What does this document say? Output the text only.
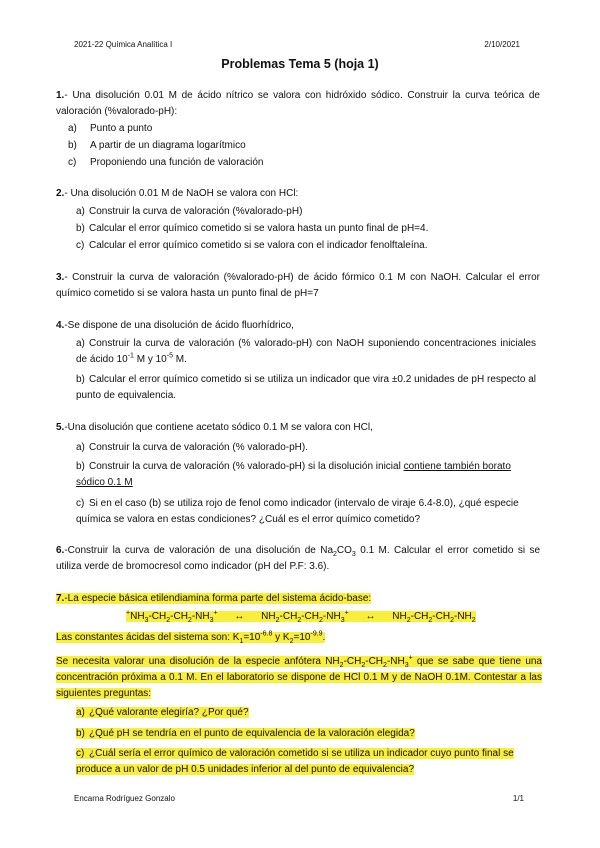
2021-22 Química Analítica I	2/10/2021
Problemas Tema 5 (hoja 1)
1.- Una disolución 0.01 M de ácido nítrico se valora con hidróxido sódico. Construir la curva teórica de valoración (%valorado-pH):
a) Punto a punto
b) A partir de un diagrama logarítmico
c) Proponiendo una función de valoración
2.- Una disolución 0.01 M de NaOH se valora con HCl:
a) Construir la curva de valoración (%valorado-pH)
b) Calcular el error químico cometido si se valora hasta un punto final de pH=4.
c) Calcular el error químico cometido si se valora con el indicador fenolftaleína.
3.- Construir la curva de valoración (%valorado-pH) de ácido fórmico 0.1 M con NaOH. Calcular el error químico cometido si se valora hasta un punto final de pH=7
4.-Se dispone de una disolución de ácido fluorhídrico,
a) Construir la curva de valoración (% valorado-pH) con NaOH suponiendo concentraciones iniciales de ácido $10^{-1}$ M y $10^{-5}$ M.
b) Calcular el error químico cometido si se utiliza un indicador que vira ±0.2 unidades de pH respecto al punto de equivalencia.
5.-Una disolución que contiene acetato sódico 0.1 M se valora con HCl,
a) Construir la curva de valoración (% valorado-pH).
b) Construir la curva de valoración (% valorado-pH) si la disolución inicial contiene también borato sódico 0.1 M
c) Si en el caso (b) se utiliza rojo de fenol como indicador (intervalo de viraje 6.4-8.0), ¿qué especie química se valora en estas condiciones? ¿Cuál es el error químico cometido?
6.-Construir la curva de valoración de una disolución de $Na_2CO_3$ 0.1 M. Calcular el error cometido si se utiliza verde de bromocresol como indicador (pH del P.F: 3.6).
7.-La especie básica etilendiamina forma parte del sistema ácido-base:
$^+NH_3-CH_2-CH_2-NH_3^+$ ↔ $NH_2-CH_2-CH_2-NH_3^+$ ↔ $NH_2-CH_2-CH_2-NH_2$
Las constantes ácidas del sistema son: $K_1=10^{-6.8}$ y $K_2=10^{-9.9}$.
Se necesita valorar una disolución de la especie anfótera $NH_2-CH_2-CH_2-NH_3^+$ que se sabe que tiene una concentración próxima a 0.1 M. En el laboratorio se dispone de HCl 0.1 M y de NaOH 0.1M. Contestar a las siguientes preguntas:
a) ¿Qué valorante elegiría? ¿Por qué?
b) ¿Qué pH se tendría en el punto de equivalencia de la valoración elegida?
c) ¿Cuál sería el error químico de valoración cometido si se utiliza un indicador cuyo punto final se produce a un valor de pH 0.5 unidades inferior al del punto de equivalencia?
Encarna Rodríguez Gonzalo	1/1
